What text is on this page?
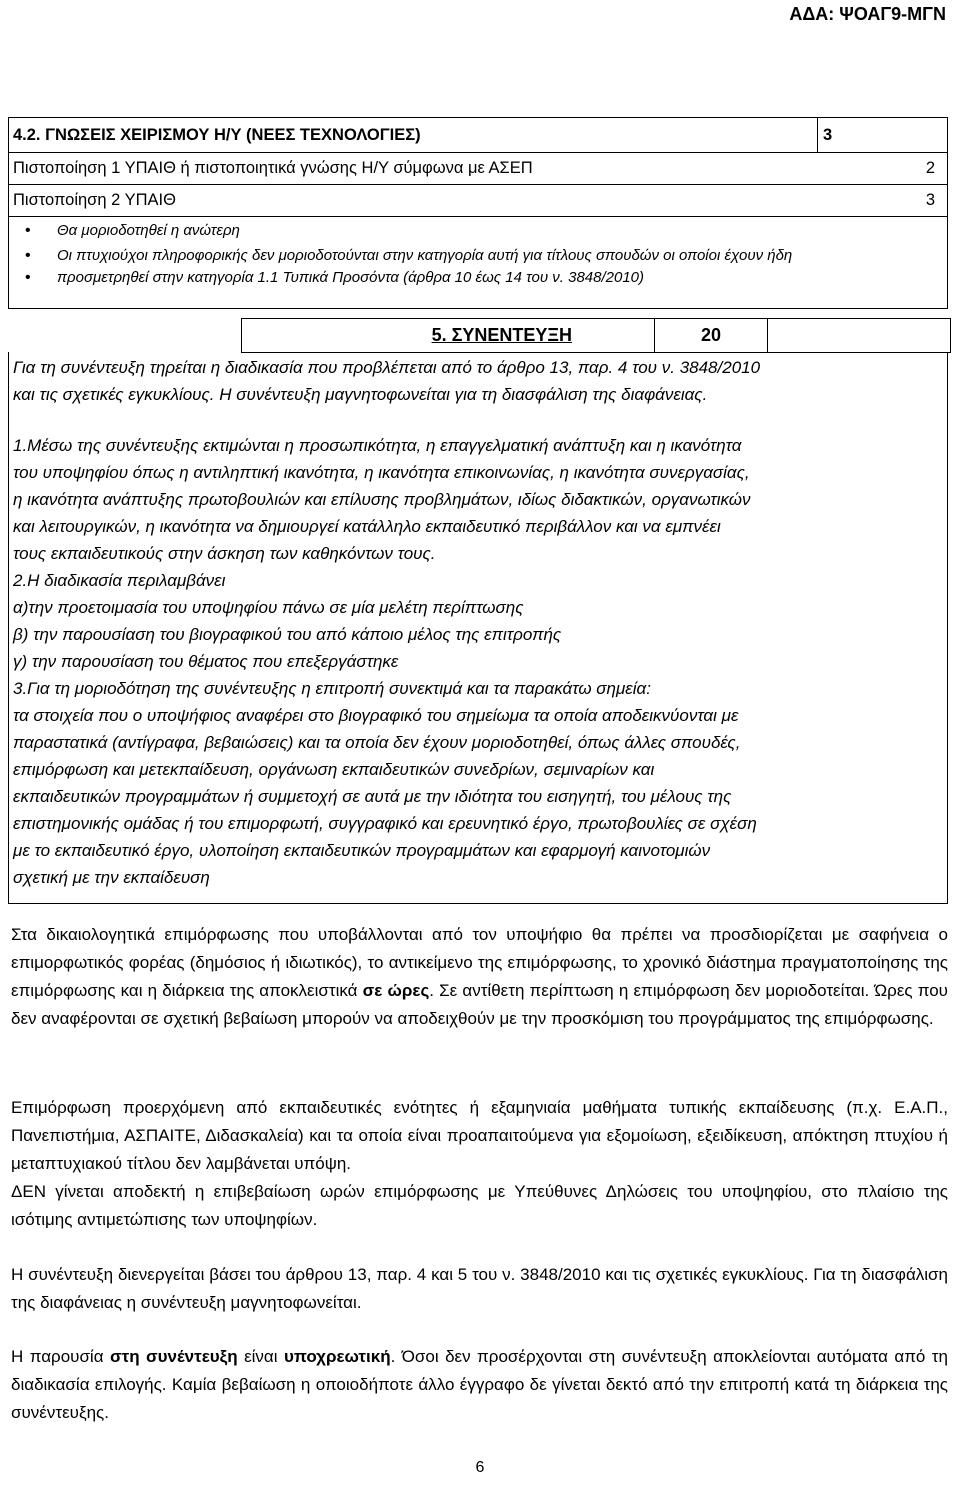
ΑΔΑ: ΨΟΑΓ9-ΜΓΝ
4.2. ΓΝΩΣΕΙΣ ΧΕΙΡΙΣΜΟΥ Η/Υ (ΝΕΕΣ ΤΕΧΝΟΛΟΓΙΕΣ)	3

Πιστοποίηση 1 ΥΠΑΙΘ ή πιστοποιητικά γνώσης Η/Υ σύμφωνα με ΑΣΕΠ	2

Πιστοποίηση 2 ΥΠΑΙΘ	3

• Θα μοριοδοτηθεί η ανώτερη
• Οι πτυχιούχοι πληροφορικής δεν μοριοδοτούνται στην κατηγορία αυτή για τίτλους σπουδών οι οποίοι έχουν ήδη
• προσμετρηθεί στην κατηγορία 1.1 Τυπικά Προσόντα (άρθρα 10 έως 14 του ν. 3848/2010)
5. ΣΥΝΕΝΤΕΥΞΗ	20	

Για τη συνέντευξη τηρείται η διαδικασία που προβλέπεται από το άρθρο 13, παρ. 4 του ν. 3848/2010

και τις σχετικές εγκυκλίους. Η συνέντευξη μαγνητοφωνείται για τη διασφάλιση της διαφάνειας.

1.Μέσω της συνέντευξης εκτιμώνται η προσωπικότητα, η επαγγελματική ανάπτυξη και η ικανότητα

του υποψηφίου όπως η αντιληπτική ικανότητα, η ικανότητα επικοινωνίας, η ικανότητα συνεργασίας,

η ικανότητα ανάπτυξης πρωτοβουλιών και επίλυσης προβλημάτων, ιδίως διδακτικών, οργανωτικών

και λειτουργικών, η ικανότητα να δημιουργεί κατάλληλο εκπαιδευτικό περιβάλλον και να εμπνέει

τους εκπαιδευτικούς στην άσκηση των καθηκόντων τους.

2.Η διαδικασία περιλαμβάνει

α)την προετοιμασία του υποψηφίου πάνω σε μία μελέτη περίπτωσης

β) την παρουσίαση του βιογραφικού του από κάποιο μέλος της επιτροπής

γ) την παρουσίαση του θέματος που επεξεργάστηκε

3.Για τη μοριοδότηση της συνέντευξης η επιτροπή συνεκτιμά και τα παρακάτω σημεία:

τα στοιχεία που ο υποψήφιος αναφέρει στο βιογραφικό του σημείωμα τα οποία αποδεικνύονται με

παραστατικά (αντίγραφα, βεβαιώσεις) και τα οποία δεν έχουν μοριοδοτηθεί, όπως άλλες σπουδές,

επιμόρφωση και μετεκπαίδευση, οργάνωση εκπαιδευτικών συνεδρίων, σεμιναρίων και

εκπαιδευτικών προγραμμάτων ή συμμετοχή σε αυτά με την ιδιότητα του εισηγητή, του μέλους της

επιστημονικής ομάδας ή του επιμορφωτή, συγγραφικό και ερευνητικό έργο, πρωτοβουλίες σε σχέση

με το εκπαιδευτικό έργο, υλοποίηση εκπαιδευτικών προγραμμάτων και εφαρμογή καινοτομιών

σχετική με την εκπαίδευση

Στα δικαιολογητικά επιμόρφωσης που υποβάλλονται από τον υποψήφιο θα πρέπει να προσδιορίζεται με σαφήνεια ο επιμορφωτικός φορέας (δημόσιος ή ιδιωτικός), το αντικείμενο της επιμόρφωσης, το χρονικό διάστημα πραγματοποίησης της επιμόρφωσης και η διάρκεια της αποκλειστικά σε ώρες. Σε αντίθετη περίπτωση η επιμόρφωση δεν μοριοδοτείται. Ώρες που δεν αναφέρονται σε σχετική βεβαίωση μπορούν να αποδειχθούν με την προσκόμιση του προγράμματος της επιμόρφωσης.

Επιμόρφωση προερχόμενη από εκπαιδευτικές ενότητες ή εξαμηνιαία μαθήματα τυπικής εκπαίδευσης (π.χ. Ε.Α.Π., Πανεπιστήμια, ΑΣΠΑΙΤΕ, Διδασκαλεία) και τα οποία είναι προαπαιτούμενα για εξομοίωση, εξειδίκευση, απόκτηση πτυχίου ή μεταπτυχιακού τίτλου δεν λαμβάνεται υπόψη.

ΔΕΝ γίνεται αποδεκτή η επιβεβαίωση ωρών επιμόρφωσης με Υπεύθυνες Δηλώσεις του υποψηφίου, στο πλαίσιο της ισότιμης αντιμετώπισης των υποψηφίων.

Η συνέντευξη διενεργείται βάσει του άρθρου 13, παρ. 4 και 5 του ν. 3848/2010 και τις σχετικές εγκυκλίους. Για τη διασφάλιση της διαφάνειας η συνέντευξη μαγνητοφωνείται.

Η παρουσία στη συνέντευξη είναι υποχρεωτική. Όσοι δεν προσέρχονται στη συνέντευξη αποκλείονται αυτόματα από τη διαδικασία επιλογής. Καμία βεβαίωση η οποιοδήποτε άλλο έγγραφο δε γίνεται δεκτό από την επιτροπή κατά τη διάρκεια της συνέντευξης.

6
